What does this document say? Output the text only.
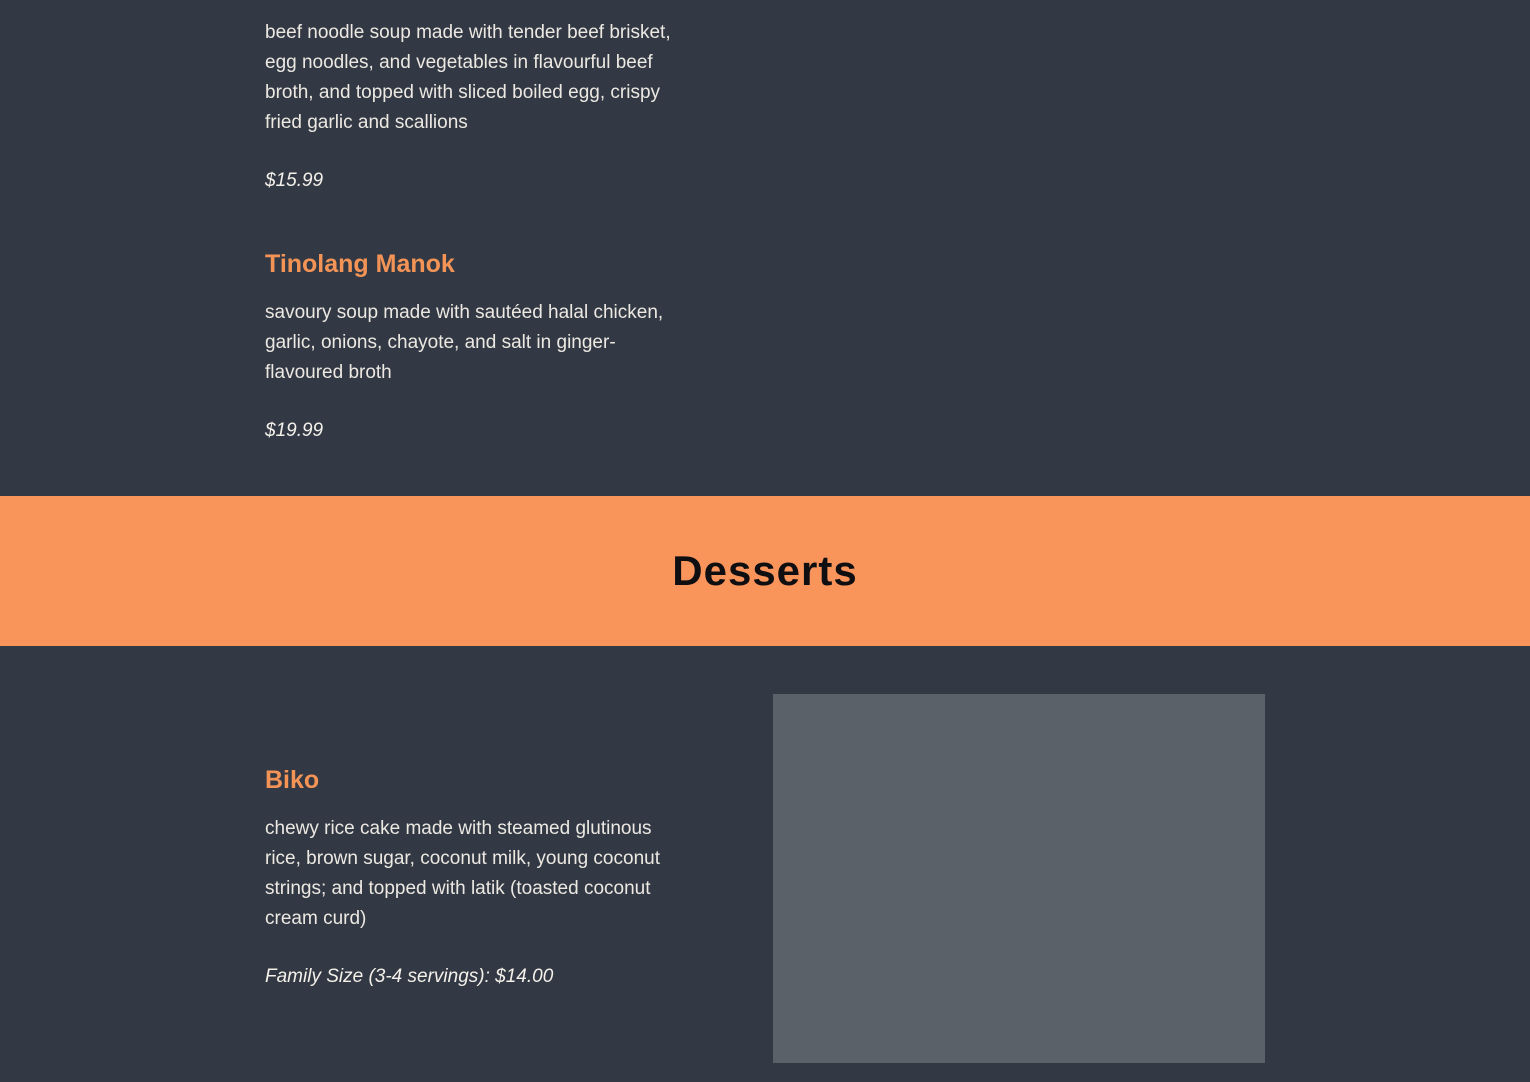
beef noodle soup made with tender beef brisket, egg noodles, and vegetables in flavourful beef broth, and topped with sliced boiled egg, crispy fried garlic and scallions

$15.99
Tinolang Manok

savoury soup made with sautéed halal chicken, garlic, onions, chayote, and salt in ginger-flavoured broth

$19.99
Desserts
Biko

chewy rice cake made with steamed glutinous rice, brown sugar, coconut milk, young coconut strings; and topped with latik (toasted coconut cream curd)

Family Size (3-4 servings): $14.00
